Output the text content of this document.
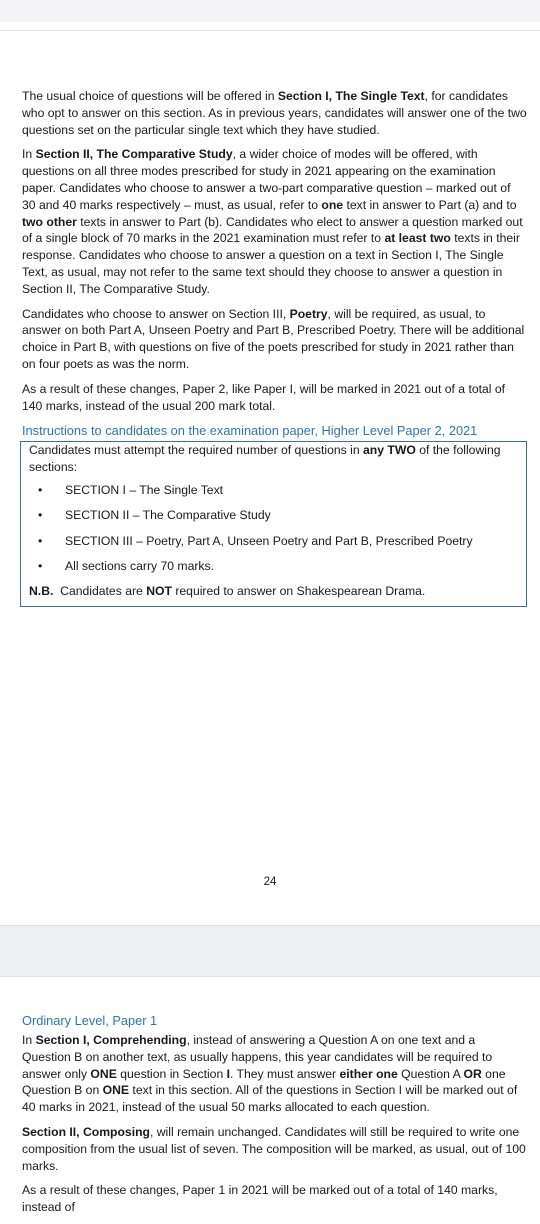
The usual choice of questions will be offered in Section I, The Single Text, for candidates who opt to answer on this section. As in previous years, candidates will answer one of the two questions set on the particular single text which they have studied.

In Section II, The Comparative Study, a wider choice of modes will be offered, with questions on all three modes prescribed for study in 2021 appearing on the examination paper. Candidates who choose to answer a two-part comparative question – marked out of 30 and 40 marks respectively – must, as usual, refer to one text in answer to Part (a) and to two other texts in answer to Part (b). Candidates who elect to answer a question marked out of a single block of 70 marks in the 2021 examination must refer to at least two texts in their response. Candidates who choose to answer a question on a text in Section I, The Single Text, as usual, may not refer to the same text should they choose to answer a question in Section II, The Comparative Study.

Candidates who choose to answer on Section III, Poetry, will be required, as usual, to answer on both Part A, Unseen Poetry and Part B, Prescribed Poetry. There will be additional choice in Part B, with questions on five of the poets prescribed for study in 2021 rather than on four poets as was the norm.

As a result of these changes, Paper 2, like Paper I, will be marked in 2021 out of a total of 140 marks, instead of the usual 200 mark total.

Instructions to candidates on the examination paper, Higher Level Paper 2, 2021

Candidates must attempt the required number of questions in any TWO of the following sections:

• SECTION I – The Single Text
• SECTION II – The Comparative Study
• SECTION III – Poetry, Part A, Unseen Poetry and Part B, Prescribed Poetry
• All sections carry 70 marks.

N.B.  Candidates are NOT required to answer on Shakespearean Drama.

24
Ordinary Level, Paper 1

In Section I, Comprehending, instead of answering a Question A on one text and a Question B on another text, as usually happens, this year candidates will be required to answer only ONE question in Section I. They must answer either one Question A OR one Question B on ONE text in this section. All of the questions in Section I will be marked out of 40 marks in 2021, instead of the usual 50 marks allocated to each question.

Section II, Composing, will remain unchanged. Candidates will still be required to write one composition from the usual list of seven. The composition will be marked, as usual, out of 100 marks.

As a result of these changes, Paper 1 in 2021 will be marked out of a total of 140 marks, instead of
